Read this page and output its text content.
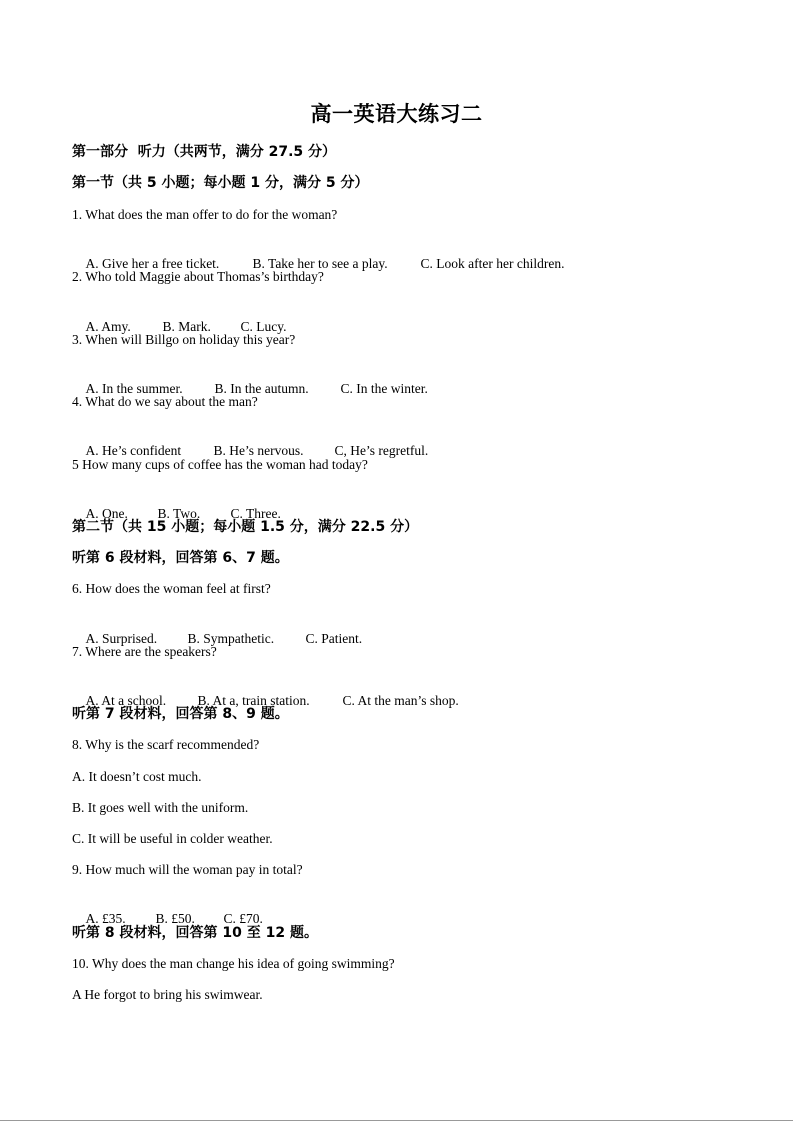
高一英语大练习二
第一部分  听力（共两节，满分 27.5 分）
第一节（共 5 小题；每小题 1 分，满分 5 分）
1. What does the man offer to do for the woman?

A. Give her a free ticket. B. Take her to see a play. C. Look after her children.

2. Who told Maggie about Thomas’s birthday?

A. Amy. B. Mark. C. Lucy.

3. When will Billgo on holiday this year?

A. In the summer. B. In the autumn. C. In the winter.

4. What do we say about the man?

A. He’s confident B. He’s nervous. C, He’s regretful.

5 How many cups of coffee has the woman had today?

A. One. B. Two. C. Three.

第二节（共 15 小题；每小题 1.5 分，满分 22.5 分）
听第 6 段材料，回答第 6、7 题。
6. How does the woman feel at first?

A. Surprised. B. Sympathetic. C. Patient.

7. Where are the speakers?

A. At a school. B. At a, train station. C. At the man’s shop.

听第 7 段材料，回答第 8、9 题。
8. Why is the scarf recommended?
A. It doesn’t cost much.
B. It goes well with the uniform.
C. It will be useful in colder weather.
9. How much will the woman pay in total?

A. £35. B. £50. C. £70.

听第 8 段材料，回答第 10 至 12 题。
10. Why does the man change his idea of going swimming?
A He forgot to bring his swimwear.
